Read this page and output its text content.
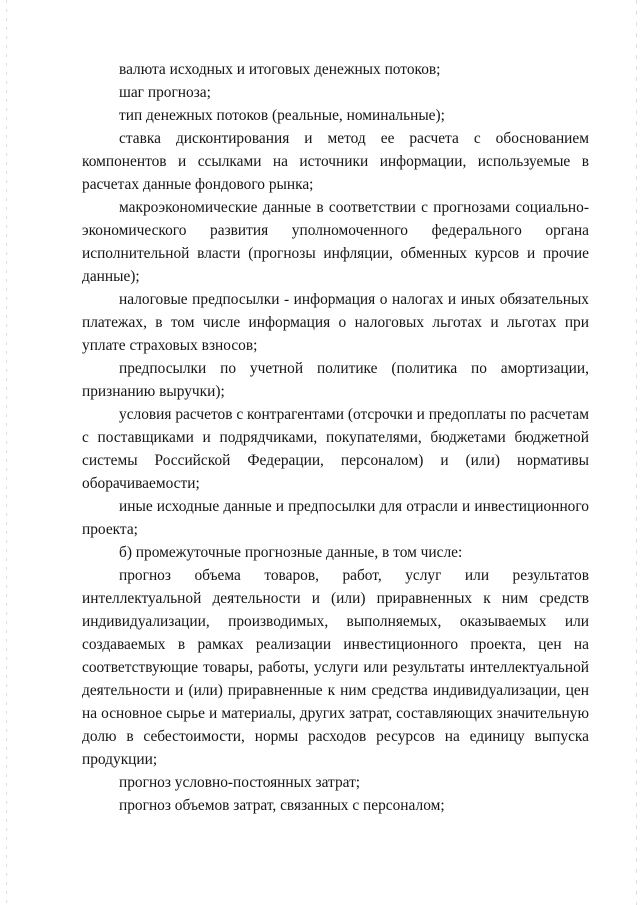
валюта исходных и итоговых денежных потоков;

шаг прогноза;

тип денежных потоков (реальные, номинальные);

ставка дисконтирования и метод ее расчета с обоснованием компонентов и ссылками на источники информации, используемые в расчетах данные фондового рынка;

макроэкономические данные в соответствии с прогнозами социально-экономического развития уполномоченного федерального органа исполнительной власти (прогнозы инфляции, обменных курсов и прочие данные);

налоговые предпосылки - информация о налогах и иных обязательных платежах, в том числе информация о налоговых льготах и льготах при уплате страховых взносов;

предпосылки по учетной политике (политика по амортизации, признанию выручки);

условия расчетов с контрагентами (отсрочки и предоплаты по расчетам с поставщиками и подрядчиками, покупателями, бюджетами бюджетной системы Российской Федерации, персоналом) и (или) нормативы оборачиваемости;

иные исходные данные и предпосылки для отрасли и инвестиционного проекта;

б) промежуточные прогнозные данные, в том числе:

прогноз объема товаров, работ, услуг или результатов интеллектуальной деятельности и (или) приравненных к ним средств индивидуализации, производимых, выполняемых, оказываемых или создаваемых в рамках реализации инвестиционного проекта, цен на соответствующие товары, работы, услуги или результаты интеллектуальной деятельности и (или) приравненные к ним средства индивидуализации, цен на основное сырье и материалы, других затрат, составляющих значительную долю в себестоимости, нормы расходов ресурсов на единицу выпуска продукции;

прогноз условно-постоянных затрат;

прогноз объемов затрат, связанных с персоналом;
